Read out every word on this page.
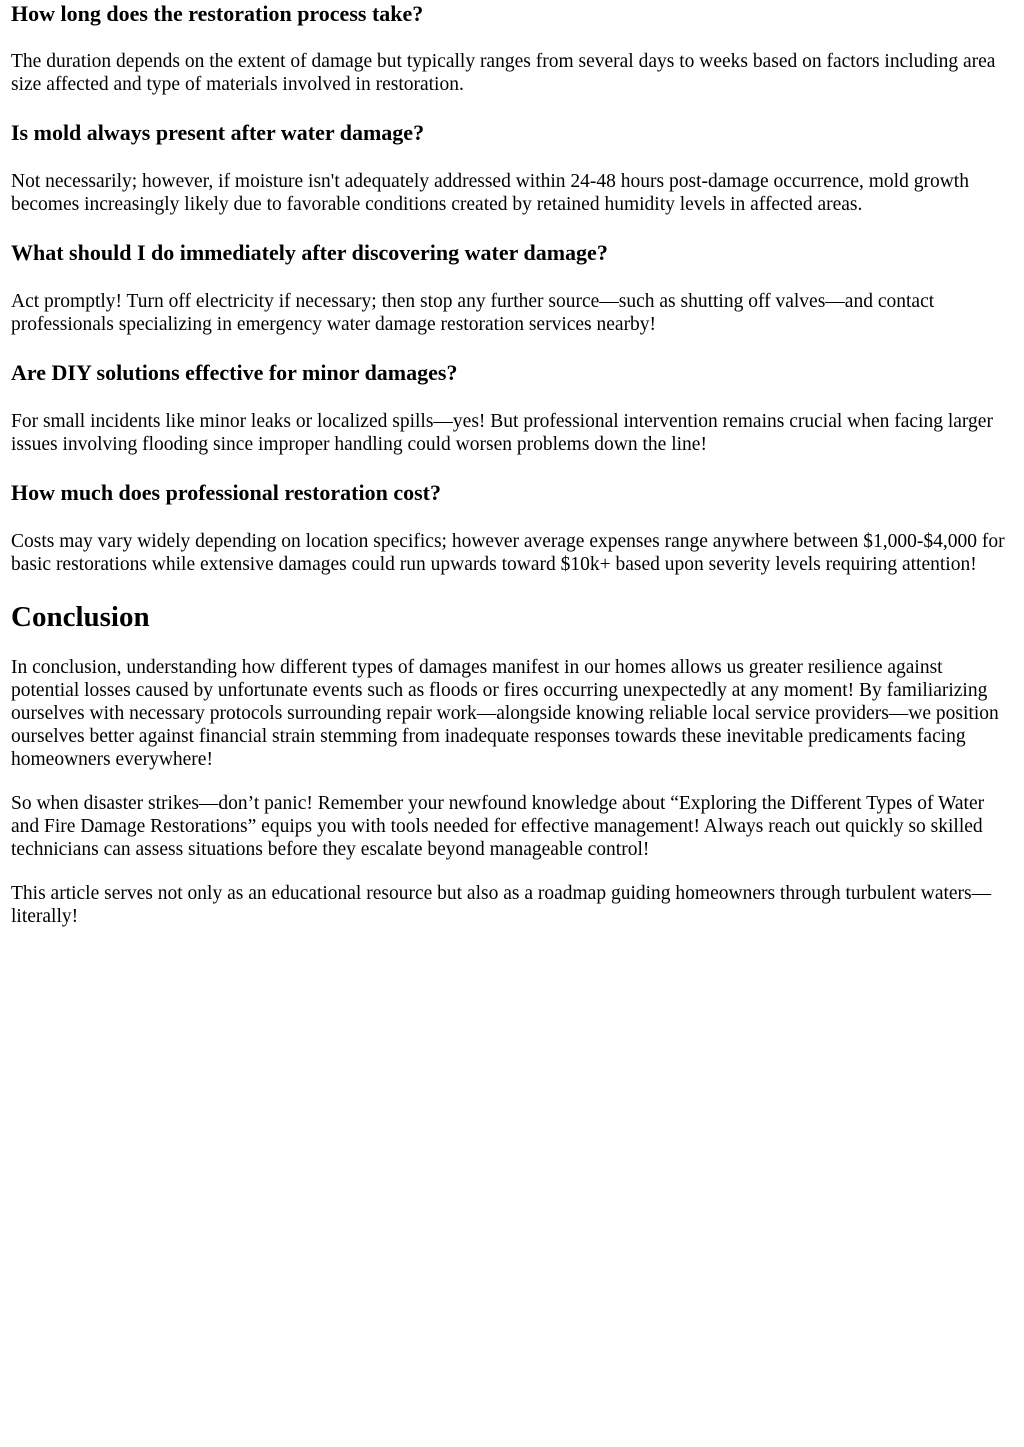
How long does the restoration process take?

The duration depends on the extent of damage but typically ranges from several days to weeks based on factors including area size affected and type of materials involved in restoration.

Is mold always present after water damage?

Not necessarily; however, if moisture isn't adequately addressed within 24-48 hours post-damage occurrence, mold growth becomes increasingly likely due to favorable conditions created by retained humidity levels in affected areas.

What should I do immediately after discovering water damage?

Act promptly! Turn off electricity if necessary; then stop any further source—such as shutting off valves—and contact professionals specializing in emergency water damage restoration services nearby!

Are DIY solutions effective for minor damages?

For small incidents like minor leaks or localized spills—yes! But professional intervention remains crucial when facing larger issues involving flooding since improper handling could worsen problems down the line!

How much does professional restoration cost?

Costs may vary widely depending on location specifics; however average expenses range anywhere between $1,000-$4,000 for basic restorations while extensive damages could run upwards toward $10k+ based upon severity levels requiring attention!

Conclusion

In conclusion, understanding how different types of damages manifest in our homes allows us greater resilience against potential losses caused by unfortunate events such as floods or fires occurring unexpectedly at any moment! By familiarizing ourselves with necessary protocols surrounding repair work—alongside knowing reliable local service providers—we position ourselves better against financial strain stemming from inadequate responses towards these inevitable predicaments facing homeowners everywhere!

So when disaster strikes—don’t panic! Remember your newfound knowledge about “Exploring the Different Types of Water and Fire Damage Restorations” equips you with tools needed for effective management! Always reach out quickly so skilled technicians can assess situations before they escalate beyond manageable control!

This article serves not only as an educational resource but also as a roadmap guiding homeowners through turbulent waters—literally!
